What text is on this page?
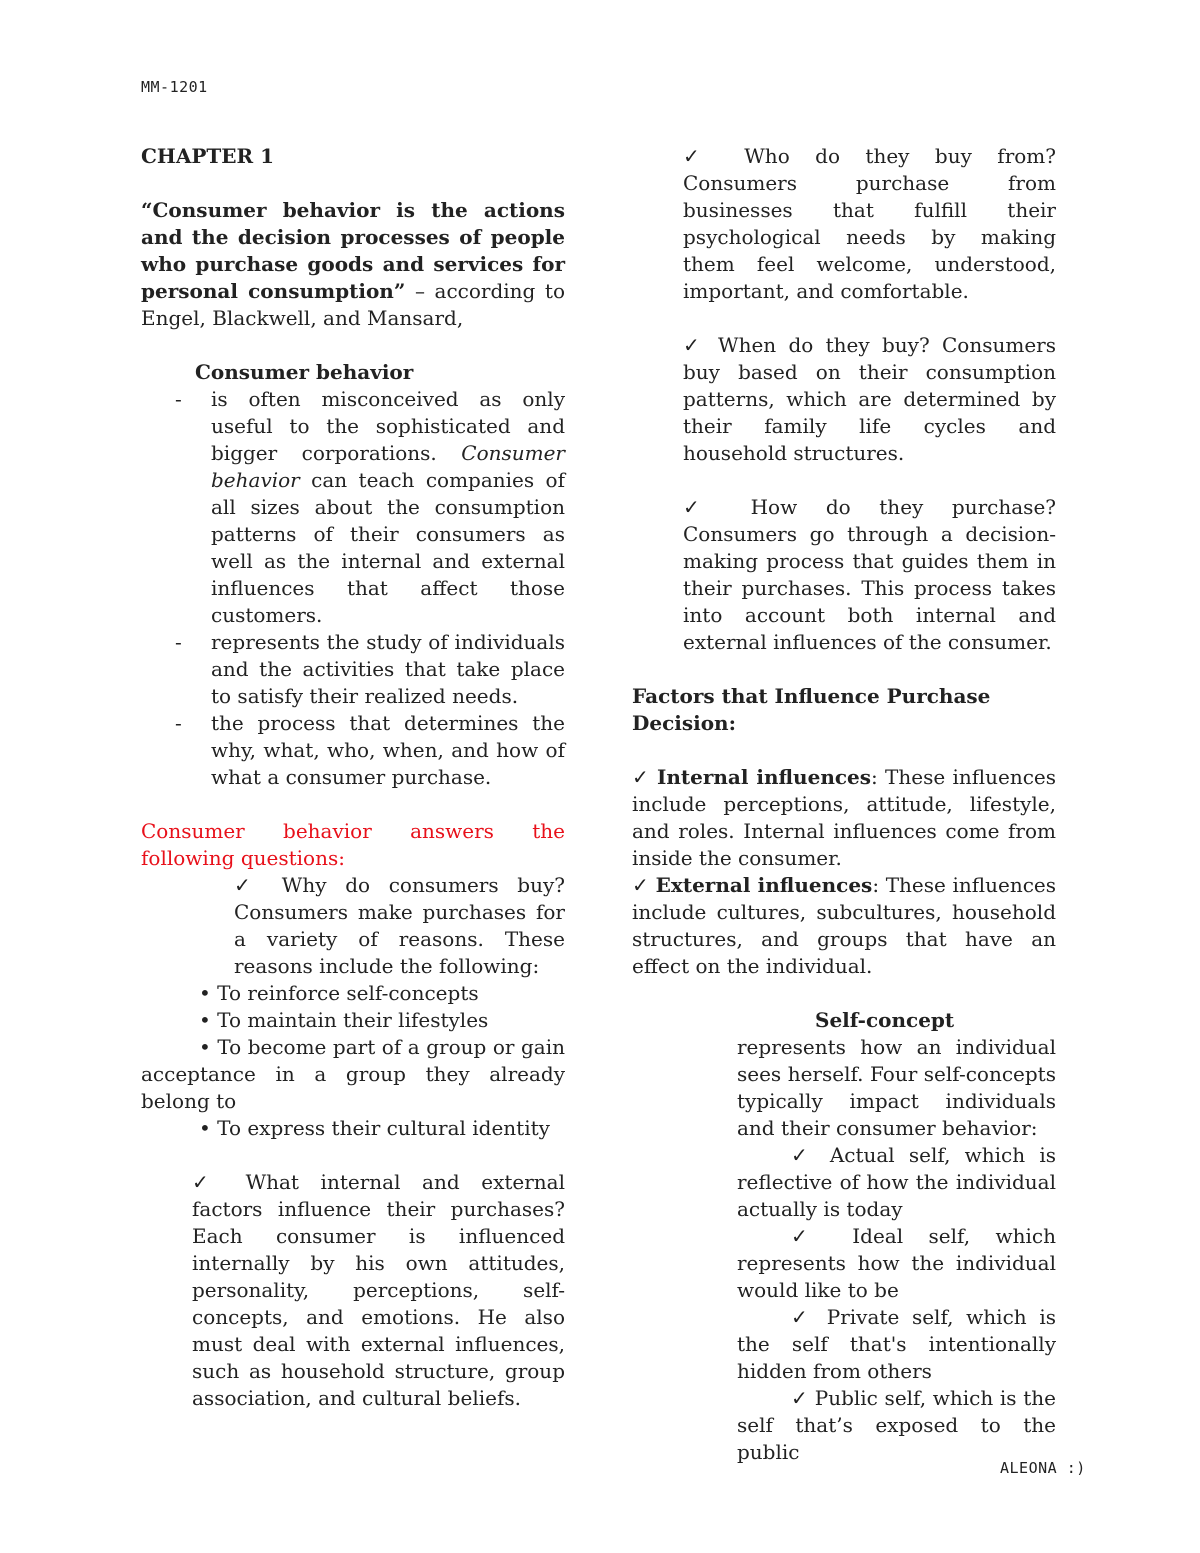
MM-1201

CHAPTER 1

“Consumer behavior is the actions and the decision processes of people who purchase goods and services for personal consumption” – according to Engel, Blackwell, and Mansard,

Consumer behavior

- is often misconceived as only useful to the sophisticated and bigger corporations. Consumer behavior can teach companies of all sizes about the consumption patterns of their consumers as well as the internal and external influences that affect those customers.
- represents the study of individuals and the activities that take place to satisfy their realized needs.
- the process that determines the why, what, who, when, and how of what a consumer purchase.

Consumer behavior answers the following questions:

✓ Why do consumers buy? Consumers make purchases for a variety of reasons. These reasons include the following:

• To reinforce self-concepts

• To maintain their lifestyles

• To become part of a group or gain acceptance in a group they already belong to

• To express their cultural identity

✓ What internal and external factors influence their purchases? Each consumer is influenced internally by his own attitudes, personality, perceptions, self-concepts, and emotions. He also must deal with external influences, such as household structure, group association, and cultural beliefs.

✓ Who do they buy from? Consumers purchase from businesses that fulfill their psychological needs by making them feel welcome, understood, important, and comfortable.

✓ When do they buy? Consumers buy based on their consumption patterns, which are determined by their family life cycles and household structures.

✓ How do they purchase? Consumers go through a decision-making process that guides them in their purchases. This process takes into account both internal and external influences of the consumer.

Factors that Influence Purchase Decision:

✓ Internal influences: These influences include perceptions, attitude, lifestyle, and roles. Internal influences come from inside the consumer.

✓ External influences: These influences include cultures, subcultures, household structures, and groups that have an effect on the individual.

Self-concept represents how an individual sees herself. Four self-concepts typically impact individuals and their consumer behavior:

✓ Actual self, which is reflective of how the individual actually is today

✓ Ideal self, which represents how the individual would like to be

✓ Private self, which is the self that's intentionally hidden from others

✓ Public self, which is the self that’s exposed to the public

ALEONA :)
